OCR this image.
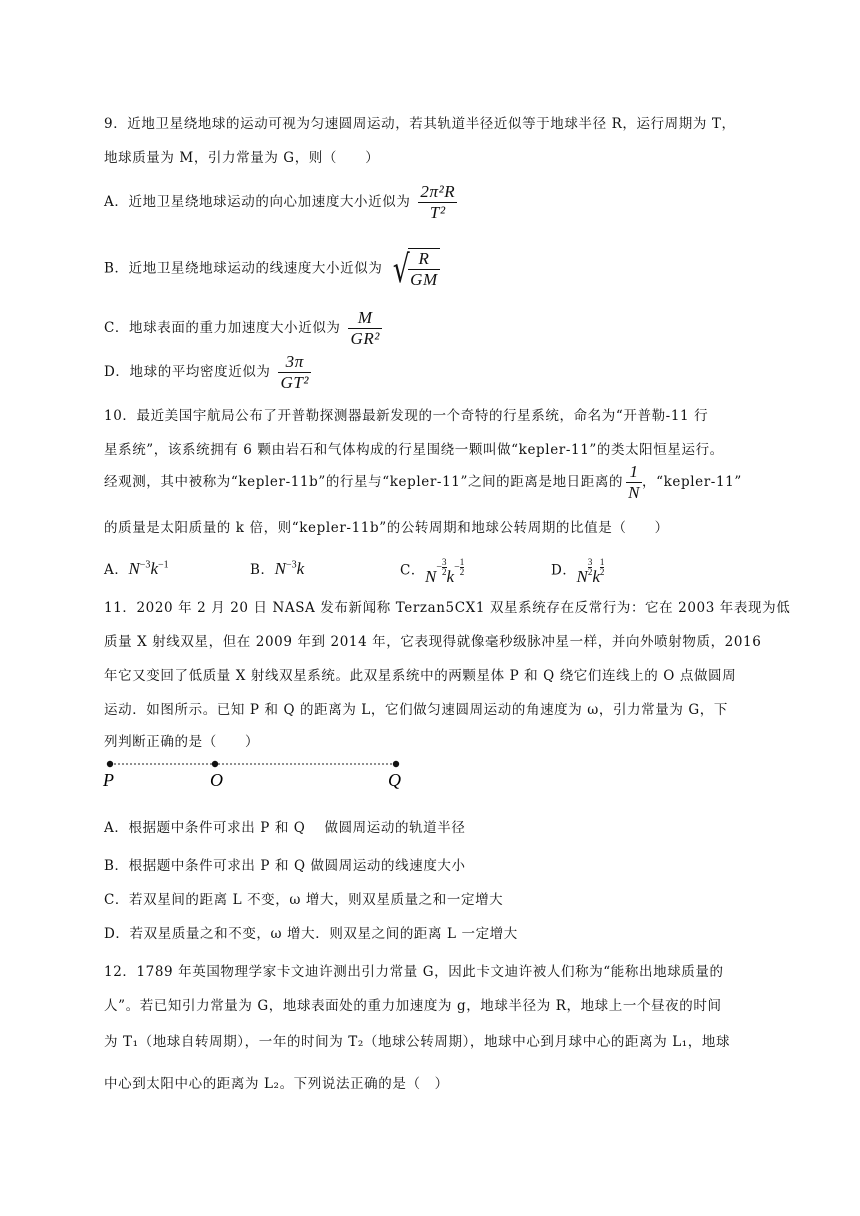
9．近地卫星绕地球的运动可视为匀速圆周运动，若其轨道半径近似等于地球半径 R，运行周期为 T，
地球质量为 M，引力常量为 G，则（　　）
A．近地卫星绕地球运动的向心加速度大小近似为 $\frac{\text{2π²R}}{\text{T²}}$
B．近地卫星绕地球运动的线速度大小近似为 √
$\frac{R}{GM}$
C．地球表面的重力加速度大小近似为 $\frac{M}{\text{GR²}}$
D．地球的平均密度近似为 $\frac{3\pi}{\text{GT²}}$
10．最近美国宇航局公布了开普勒探测器最新发现的一个奇特的行星系统，命名为“开普勒-11 行
星系统”，该系统拥有 6 颗由岩石和气体构成的行星围绕一颗叫做“kepler-11”的类太阳恒星运行。
经观测，其中被称为“kepler-11b”的行星与“kepler-11”之间的距离是地日距离的 $\frac{1}{N}$ ，“kepler-11”
的质量是太阳质量的 k 倍，则“kepler-11b”的公转周期和地球公转周期的比值是（　　）
A．$N^{-3}k^{-1}$	B．$N^{-3}k$	C．$N^{- \frac{3}{2}}$ $k^{- \frac{1}{2}}$	D．N $^{\frac{3}{2}}$ k $^{\frac{1}{2}}$
11．2020 年 2 月 20 日 NASA 发布新闻称 Terzan5CX1 双星系统存在反常行为：它在 2003 年表现为低
质量 X 射线双星，但在 2009 年到 2014 年，它表现得就像毫秒级脉冲星一样，并向外喷射物质，2016
年它又变回了低质量 X 射线双星系统。此双星系统中的两颗星体 P 和 Q 绕它们连线上的 O 点做圆周
运动．如图所示。已知 P 和 Q 的距离为 L，它们做匀速圆周运动的角速度为 ω，引力常量为 G，下
列判断正确的是（　　）
P	O	Q
A．根据题中条件可求出 P 和 Q　 做圆周运动的轨道半径
B．根据题中条件可求出 P 和 Q 做圆周运动的线速度大小
C．若双星间的距离 L 不变，ω 增大，则双星质量之和一定增大
D．若双星质量之和不变，ω 增大．则双星之间的距离 L 一定增大
12．1789 年英国物理学家卡文迪许测出引力常量 G，因此卡文迪许被人们称为“能称出地球质量的
人”。若已知引力常量为 G，地球表面处的重力加速度为 g，地球半径为 R，地球上一个昼夜的时间
为 T₁（地球自转周期），一年的时间为 T₂（地球公转周期），地球中心到月球中心的距离为 L₁，地球
中心到太阳中心的距离为 L₂。下列说法正确的是（　）
